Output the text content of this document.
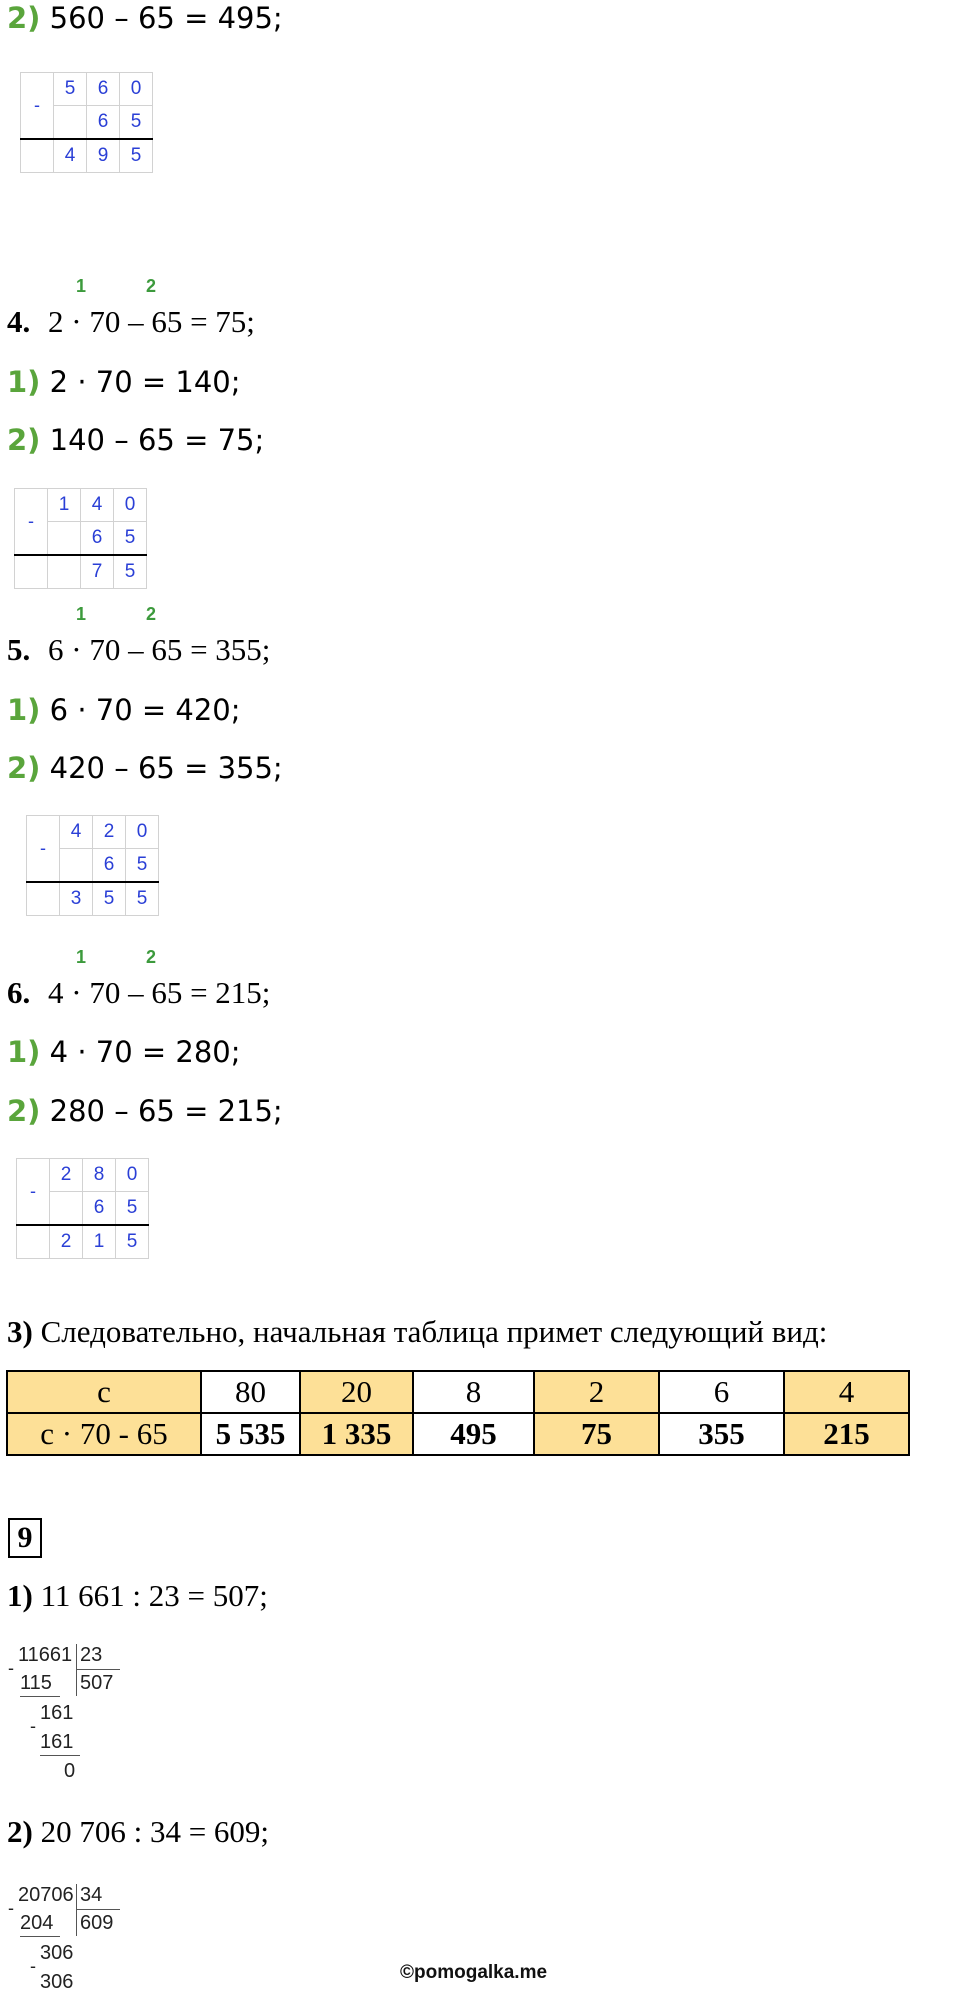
2) 560 – 65 = 495;
-	5	6	0
		6	5
	4	9	5
1	2
4. 2 · 70 – 65 = 75;
1) 2 · 70 = 140;
2) 140 – 65 = 75;
-	1	4	0
		6	5
		7	5
1	2
5. 6 · 70 – 65 = 355;
1) 6 · 70 = 420;
2) 420 – 65 = 355;
-	4	2	0
		6	5
	3	5	5
1	2
6. 4 · 70 – 65 = 215;
1) 4 · 70 = 280;
2) 280 – 65 = 215;
-	2	8	0
		6	5
	2	1	5
3) Следовательно, начальная таблица примет следующий вид:
c	80	20	8	2	6	4
c · 70 - 65	5 535	1 335	495	75	355	215
9
1) 11 661 : 23 = 507;
-
11661 23
507
115
-
161
161
0
2) 20 706 : 34 = 609;
-
20706 34
609
204
-
306
306	©pomogalka.me
